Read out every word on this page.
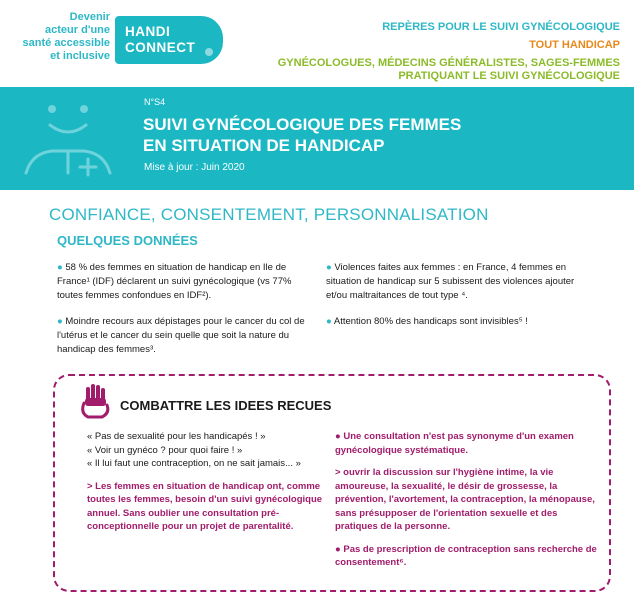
Devenir
acteur d'une
santé accessible
et inclusive
HANDI
CONNECT
REPÈRES POUR LE SUIVI GYNÉCOLOGIQUE
TOUT HANDICAP
GYNÉCOLOGUES, MÉDECINS GÉNÉRALISTES, SAGES-FEMMES
PRATIQUANT LE SUIVI GYNÉCOLOGIQUE
N°S4
SUIVI GYNÉCOLOGIQUE DES FEMMES
EN SITUATION DE HANDICAP
Mise à jour : Juin 2020
CONFIANCE, CONSENTEMENT, PERSONNALISATION
QUELQUES DONNÉES

● 58 % des femmes en situation de handicap en Ile de France¹ (IDF) déclarent un suivi gynécologique (vs 77% toutes femmes confondues en IDF²).

● Moindre recours aux dépistages pour le cancer du col de l'utérus et le cancer du sein quelle que soit la nature du handicap des femmes³.

● Violences faites aux femmes : en France, 4 femmes en situation de handicap sur 5 subissent des violences ajouter et/ou maltraitances de tout type ⁴.

● Attention 80% des handicaps sont invisibles⁵ !

COMBATTRE LES IDEES RECUES
« Pas de sexualité pour les handicapés ! »
« Voir un gynéco ? pour quoi faire ! »
« Il lui faut une contraception, on ne sait jamais... »
> Les femmes en situation de handicap ont, comme toutes les femmes, besoin d'un suivi gynécologique annuel. Sans oublier une consultation pré-conceptionnelle pour un projet de parentalité.

● Une consultation n'est pas synonyme d'un examen gynécologique systématique.

> ouvrir la discussion sur l'hygiène intime, la vie amoureuse, la sexualité, le désir de grossesse, la prévention, l'avortement, la contraception, la ménopause, sans présupposer de l'orientation sexuelle et des pratiques de la personne.

● Pas de prescription de contraception sans recherche de consentement⁶.
